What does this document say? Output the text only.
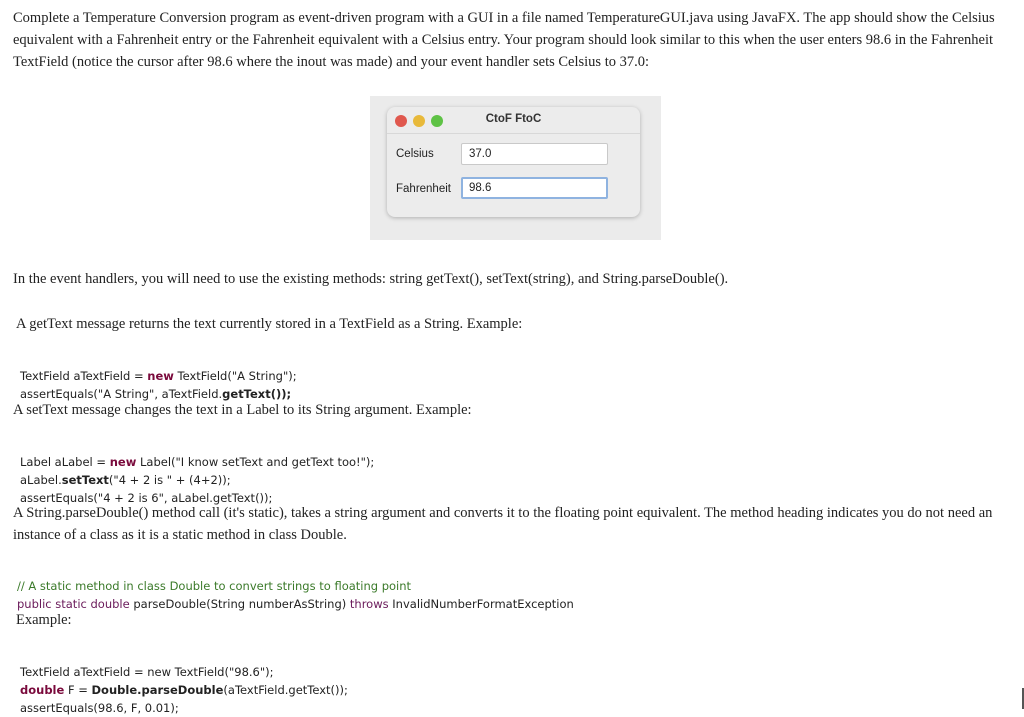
Complete a Temperature Conversion program as event-driven program with a GUI in a file named TemperatureGUI.java using JavaFX. The app should show the Celsius equivalent with a Fahrenheit entry or the Fahrenheit equivalent with a Celsius entry. Your program should look similar to this when the user enters 98.6 in the Fahrenheit TextField (notice the cursor after 98.6 where the inout was made) and your event handler sets Celsius to 37.0:
CtoF FtoC
Celsius	37.0
Fahrenheit	98.6
In the event handlers, you will need to use the existing methods: string getText(), setText(string), and String.parseDouble().
A getText message returns the text currently stored in a TextField as a String. Example:

TextField aTextField = new TextField("A String");
assertEquals("A String", aTextField.getText());
A setText message changes the text in a Label to its String argument. Example:

Label aLabel = new Label("I know setText and getText too!");
aLabel.setText("4 + 2 is " + (4+2));
assertEquals("4 + 2 is 6", aLabel.getText());
A String.parseDouble() method call (it's static), takes a string argument and converts it to the floating point equivalent. The method heading indicates you do not need an instance of a class as it is a static method in class Double.

// A static method in class Double to convert strings to floating point
public static double parseDouble(String numberAsString) throws InvalidNumberFormatException
Example:

TextField aTextField = new TextField("98.6");
double F = Double.parseDouble(aTextField.getText());
assertEquals(98.6, F, 0.01);
